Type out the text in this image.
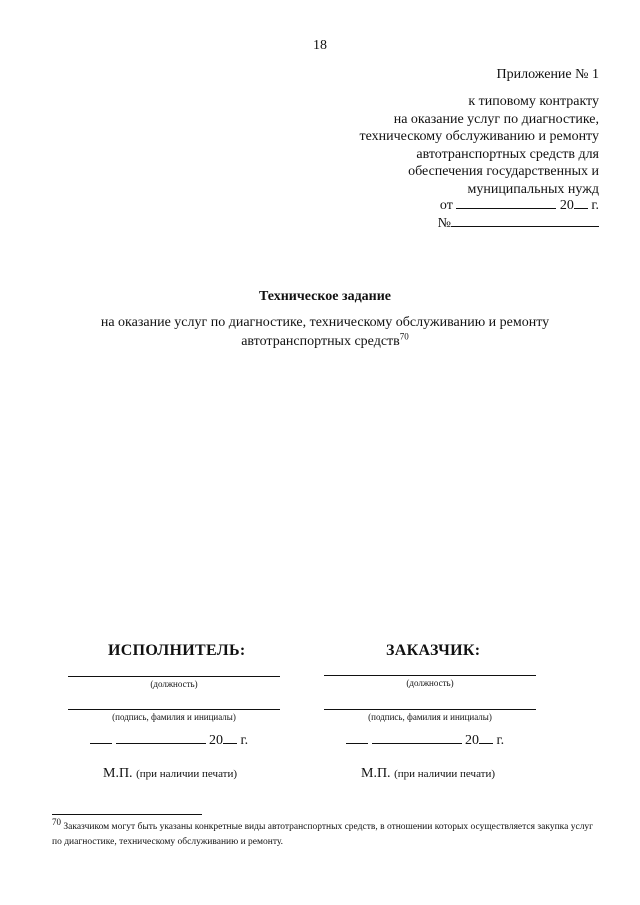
18
Приложение № 1
к типовому контракту
на оказание услуг по диагностике,
техническому обслуживанию и ремонту
автотранспортных средств для
обеспечения государственных и
муниципальных нужд
от	20 г.
№
Техническое задание
на оказание услуг по диагностике, техническому обслуживанию и ремонту
автотранспортных средств$^{70}$
ИСПОЛНИТЕЛЬ:
(должность)
(подпись, фамилия и инициалы)
20 г.
М.П. (при наличии печати)
ЗАКАЗЧИК:
(должность)
(подпись, фамилия и инициалы)
20 г.
М.П. (при наличии печати)
$^{70}$ Заказчиком могут быть указаны конкретные виды автотранспортных средств, в отношении которых осуществляется закупка услуг по диагностике, техническому обслуживанию и ремонту.
